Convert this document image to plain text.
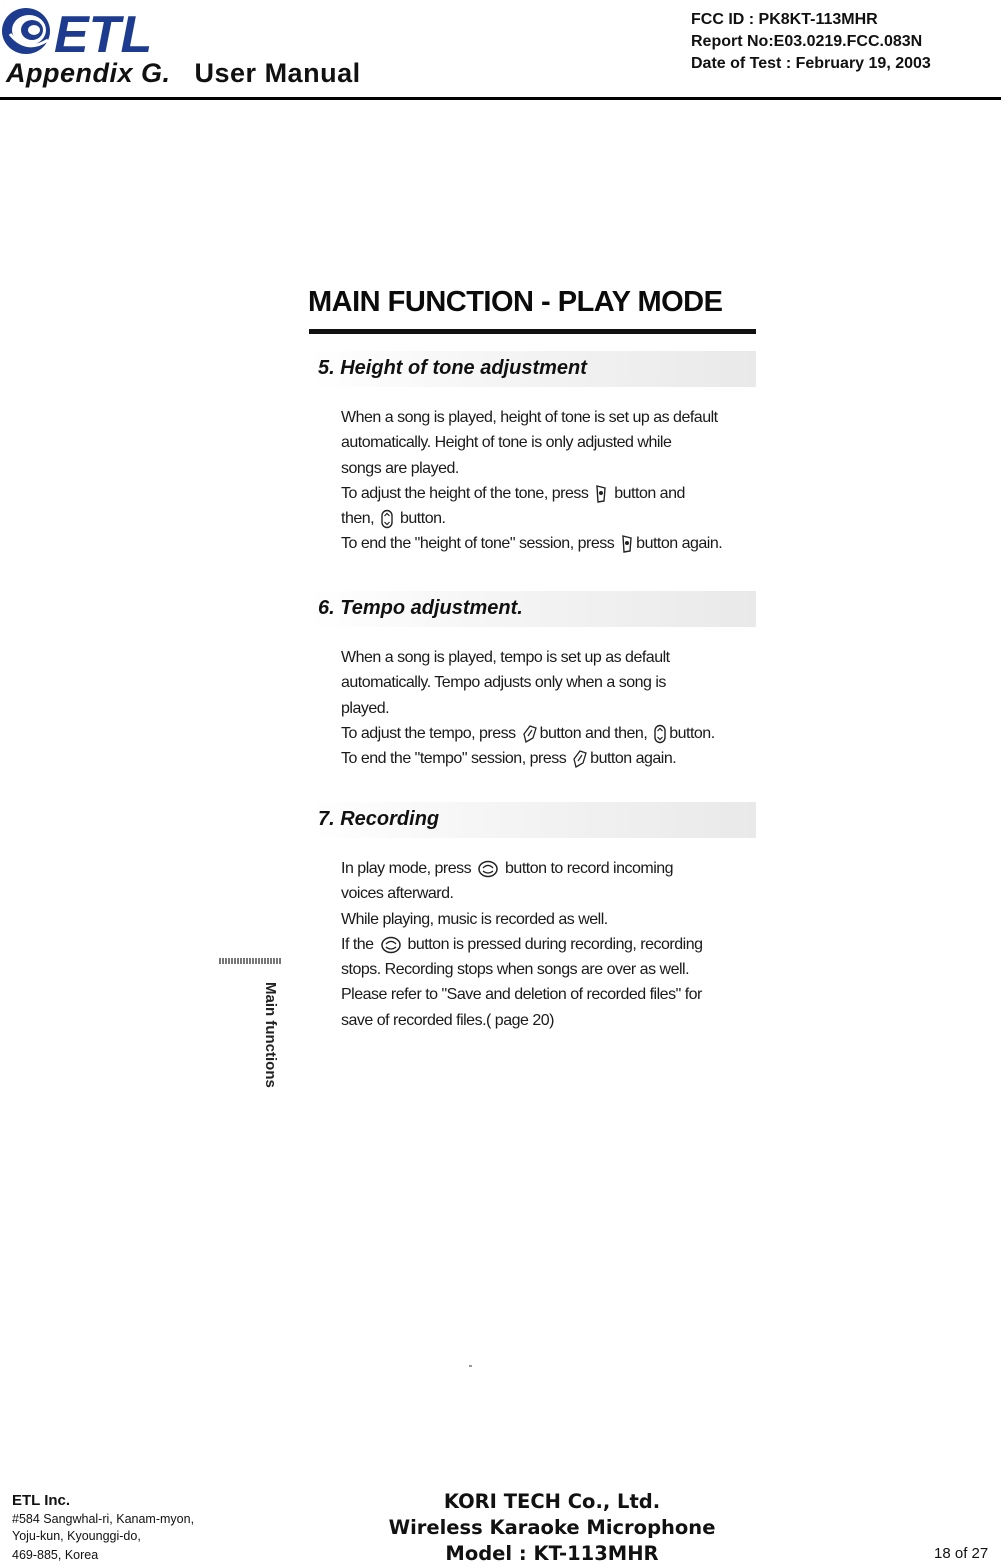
ETL
Appendix G. User Manual
FCC ID : PK8KT-113MHR
Report No:E03.0219.FCC.083N
Date of Test : February 19, 2003
MAIN FUNCTION - PLAY MODE
5. Height of tone adjustment

When a song is played, height of tone is set up as default

automatically. Height of tone is only adjusted while

songs are played.

To adjust the height of the tone, press button and

then, button.

To end the "height of tone" session, press button again.

6. Tempo adjustment.

When a song is played, tempo is set up as default

automatically. Tempo adjusts only when a song is

played.

To adjust the tempo, press button and then, button.

To end the "tempo" session, press button again.

7. Recording

In play mode, press button to record incoming

voices afterward.

While playing, music is recorded as well.

If the button is pressed during recording, recording

stops. Recording stops when songs are over as well.

Please refer to "Save and deletion of recorded files" for

save of recorded files.( page 20)

Main functions
ETL Inc.
#584 Sangwhal-ri, Kanam-myon,
Yoju-kun, Kyounggi-do,
469-885, Korea
KORI TECH Co., Ltd.
Wireless Karaoke Microphone
Model : KT-113MHR	18 of 27
